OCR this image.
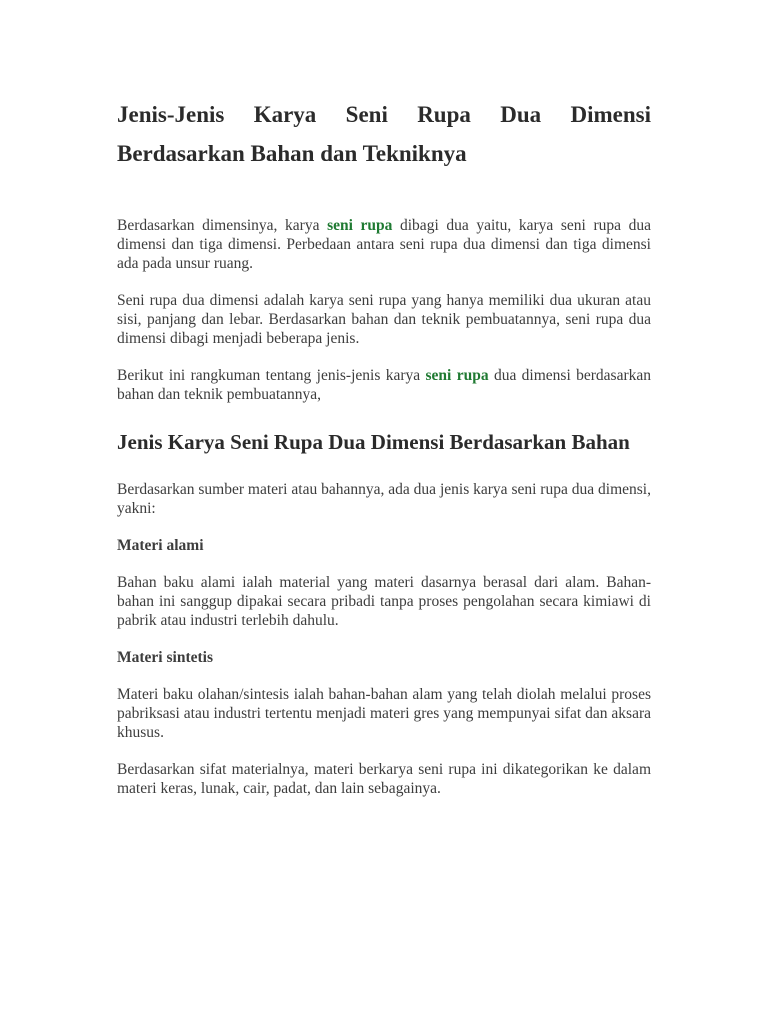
Jenis-Jenis Karya Seni Rupa Dua Dimensi Berdasarkan Bahan dan Tekniknya

Berdasarkan dimensinya, karya seni rupa dibagi dua yaitu, karya seni rupa dua dimensi dan tiga dimensi. Perbedaan antara seni rupa dua dimensi dan tiga dimensi ada pada unsur ruang.

Seni rupa dua dimensi adalah karya seni rupa yang hanya memiliki dua ukuran atau sisi, panjang dan lebar. Berdasarkan bahan dan teknik pembuatannya, seni rupa dua dimensi dibagi menjadi beberapa jenis.

Berikut ini rangkuman tentang jenis-jenis karya seni rupa dua dimensi berdasarkan bahan dan teknik pembuatannya,

Jenis Karya Seni Rupa Dua Dimensi Berdasarkan Bahan

Berdasarkan sumber materi atau bahannya, ada dua jenis karya seni rupa dua dimensi, yakni:

Materi alami

Bahan baku alami ialah material yang materi dasarnya berasal dari alam. Bahan-bahan ini sanggup dipakai secara pribadi tanpa proses pengolahan secara kimiawi di pabrik atau industri terlebih dahulu.

Materi sintetis

Materi baku olahan/sintesis ialah bahan-bahan alam yang telah diolah melalui proses pabriksasi atau industri tertentu menjadi materi gres yang mempunyai sifat dan aksara khusus.

Berdasarkan sifat materialnya, materi berkarya seni rupa ini dikategorikan ke dalam materi keras, lunak, cair, padat, dan lain sebagainya.
